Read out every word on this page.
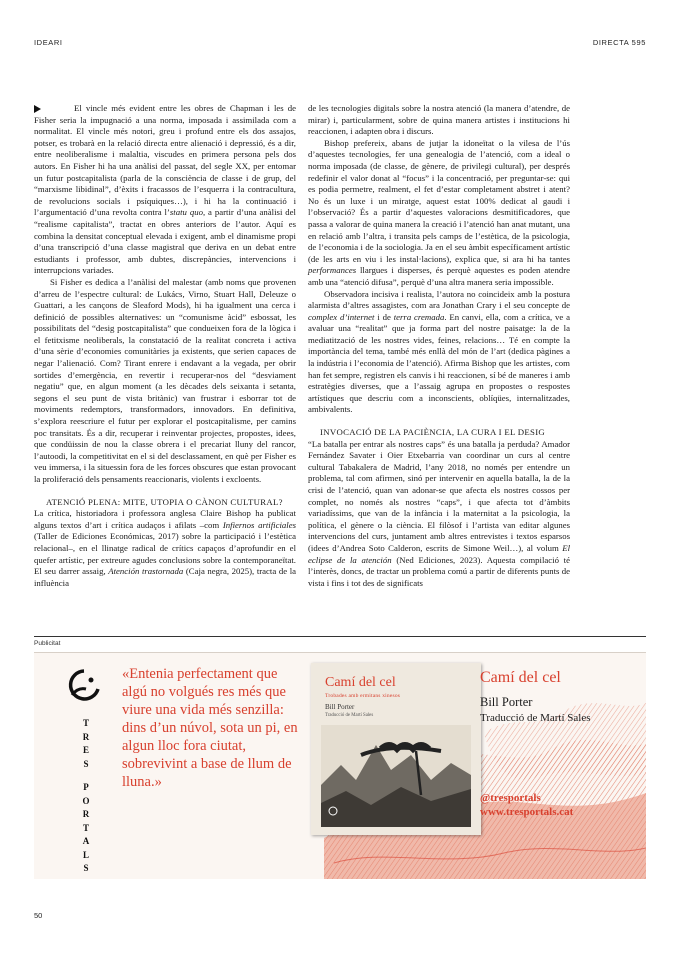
IDEARI	DIRECTA 595

El vincle més evident entre les obres de Chapman i les de Fisher seria la impugnació a una norma, imposada i assimilada com a normalitat. El vincle més notori, greu i profund entre els dos assajos, potser, es trobarà en la relació directa entre alienació i depressió, és a dir, entre neoliberalisme i malaltia, viscudes en primera persona pels dos autors. En Fisher hi ha una anàlisi del passat, del segle XX, per entomar un futur postcapitalista (parla de la consciència de classe i de grup, del “marxisme libidinal”, d’èxits i fracassos de l’esquerra i la contracultura, de revolucions socials i psíquiques…), i hi ha la continuació i l’argumentació d’una revolta contra l’statu quo, a partir d’una anàlisi del “realisme capitalista”, tractat en obres anteriors de l’autor. Aquí es combina la densitat conceptual elevada i exigent, amb el dinamisme propi d’una transcripció d’una classe magistral que deriva en un debat entre estudiants i professor, amb dubtes, discrepàncies, intervencions i interrupcions variades.

Si Fisher es dedica a l’anàlisi del malestar (amb noms que provenen d’arreu de l’espectre cultural: de Lukács, Virno, Stuart Hall, Deleuze o Guattari, a les cançons de Sleaford Mods), hi ha igualment una cerca i definició de possibles alternatives: un “comunisme àcid” esbossat, les possibilitats del “desig postcapitalista” que condueixen fora de la lògica i el fetitxisme neoliberals, la constatació de la realitat concreta i activa d’una sèrie d’economies comunitàries ja existents, que serien capaces de negar l’alienació. Com? Tirant enrere i endavant a la vegada, per obrir sortides d’emergència, en revertir i recuperar-nos del “desviament negatiu” que, en algun moment (a les dècades dels seixanta i setanta, segons el seu punt de vista britànic) van frustrar i esborrar tot de moviments redemptors, transformadors, innovadors. En definitiva, s’explora reescriure el futur per explorar el postcapitalisme, per camins poc transitats. És a dir, recuperar i reinventar projectes, propostes, idees, que condüissin de nou la classe obrera i el precariat lluny del rancor, l’autoodi, la competitivitat en el si del desclassament, en què per Fisher es veu immersa, i la situessin fora de les forces obscures que estan provocant la proliferació dels pensaments reaccionaris, violents i excloents.

ATENCIÓ PLENA: MITE, UTOPIA O CÀNON CULTURAL?

La crítica, historiadora i professora anglesa Claire Bishop ha publicat alguns textos d’art i crítica audaços i afilats –com Infiernos artificiales (Taller de Ediciones Económicas, 2017) sobre la participació i l’estètica relacional–, en el llinatge radical de crítics capaços d’aprofundir en el quefer artístic, per extreure agudes conclusions sobre la contemporaneïtat. El seu darrer assaig, Atención trastornada (Caja negra, 2025), tracta de la influència

de les tecnologies digitals sobre la nostra atenció (la manera d’atendre, de mirar) i, particularment, sobre de quina manera artistes i institucions hi reaccionen, i adapten obra i discurs.

Bishop prefereix, abans de jutjar la idoneïtat o la vilesa de l’ús d’aquestes tecnologies, fer una genealogia de l’atenció, com a ideal o norma imposada (de classe, de gènere, de privilegi cultural), per després redefinir el valor donat al “focus” i la concentració, per preguntar-se: qui es podia permetre, realment, el fet d’estar completament abstret i atent? No és un luxe i un miratge, aquest estat 100% dedicat al gaudi i l’observació? És a partir d’aquestes valoracions desmitificadores, que passa a valorar de quina manera la creació i l’atenció han anat mutant, una en relació amb l’altra, i transita pels camps de l’estètica, de la psicologia, de l’economia i de la sociologia. Ja en el seu àmbit específicament artístic (de les arts en viu i les instal·lacions), explica que, si ara hi ha tantes performances llargues i disperses, és perquè aquestes es poden atendre amb una “atenció difusa”, perquè d’una altra manera seria impossible.

Observadora incisiva i realista, l’autora no coincideix amb la postura alarmista d’altres assagistes, com ara Jonathan Crary i el seu concepte de complex d’internet i de terra cremada. En canvi, ella, com a crítica, ve a avaluar una “realitat” que ja forma part del nostre paisatge: la de la mediatització de les nostres vides, feines, relacions… Té en compte la importància del tema, també més enllà del món de l’art (dedica pàgines a la indústria i l’economia de l’atenció). Afirma Bishop que les artistes, com han fet sempre, registren els canvis i hi reaccionen, sí bé de maneres i amb estratègies diverses, que a l’assaig agrupa en propostes o respostes artístiques que descriu com a inconscients, oblíqües, internalitzades, ambivalents.

INVOCACIÓ DE LA PACIÈNCIA, LA CURA I EL DESIG

“La batalla per entrar als nostres caps” és una batalla ja perduda? Amador Fernández Savater i Oier Etxebarria van coordinar un curs al centre cultural Tabakalera de Madrid, l’any 2018, no només per entendre un problema, tal com afirmen, sinó per intervenir en aquella batalla, la de la crisi de l’atenció, quan van adonar-se que afecta els nostres cossos per complet, no només als nostres “caps”, i que afecta tot d’àmbits variadíssims, que van de la infància i la maternitat a la psicologia, la política, el gènere o la ciència. El filòsof i l’artista van editar algunes intervencions del curs, juntament amb altres entrevistes i textos esparsos (idees d’Andrea Soto Calderon, escrits de Simone Weil…), al volum El eclipse de la atención (Ned Ediciones, 2023). Aquesta compilació té l’interès, doncs, de tractar un problema comú a partir de diferents punts de vista i fins i tot des de significats

Publicitat
T
R
E
S
P
O
R
T
A
L
S
«Entenia perfectament que algú no volgués res més que viure una vida més senzilla: dins d’un núvol, sota un pi, en algun lloc fora ciutat, sobrevivint a base de llum de lluna.»
Camí del cel
Trobades amb ermitans xinesos
Bill Porter
Traducció de Martí Sales
Camí del cel
Bill Porter
Traducció de Martí Sales
@tresportals
www.tresportals.cat
50
